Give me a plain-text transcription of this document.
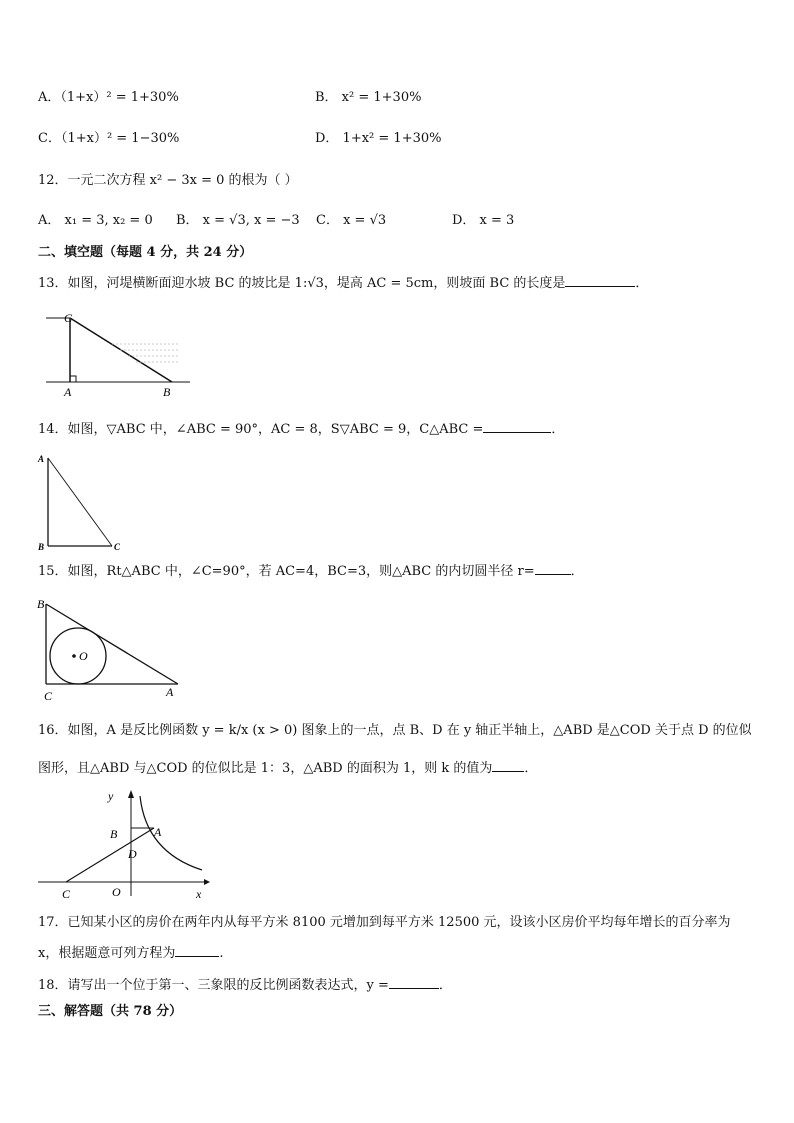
A．（1+x）² = 1+30%	B． x² = 1+30%
C．（1+x）² = 1−30%	D． 1+x² = 1+30%
12．一元二次方程 x² − 3x = 0 的根为（ ）
A． x₁ = 3, x₂ = 0 B． x = √3, x = −3 C． x = √3	D． x = 3
二、填空题（每题 4 分，共 24 分）
13．如图，河堤横断面迎水坡 BC 的坡比是 1:√3，堤高 AC = 5cm，则坡面 BC 的长度是	．
C
A	B
14．如图，▽ABC 中，∠ABC = 90°，AC = 8，S▽ABC = 9，C△ABC =	．
A
B	C
15．如图，Rt△ABC 中，∠C=90°，若 AC=4，BC=3，则△ABC 的内切圆半径 r=	．
B
C	A
O
16．如图，A 是反比例函数 y = k/x (x > 0) 图象上的一点，点 B、D 在 y 轴正半轴上，△ABD 是△COD 关于点 D 的位似
图形，且△ABD 与△COD 的位似比是 1：3，△ABD 的面积为 1，则 k 的值为 ．
y
x
B	A
D
C	O
17．已知某小区的房价在两年内从每平方米 8100 元增加到每平方米 12500 元，设该小区房价平均每年增长的百分率为
x，根据题意可列方程为	.
18．请写出一个位于第一、三象限的反比例函数表达式，y =	．
三、解答题（共 78 分）
